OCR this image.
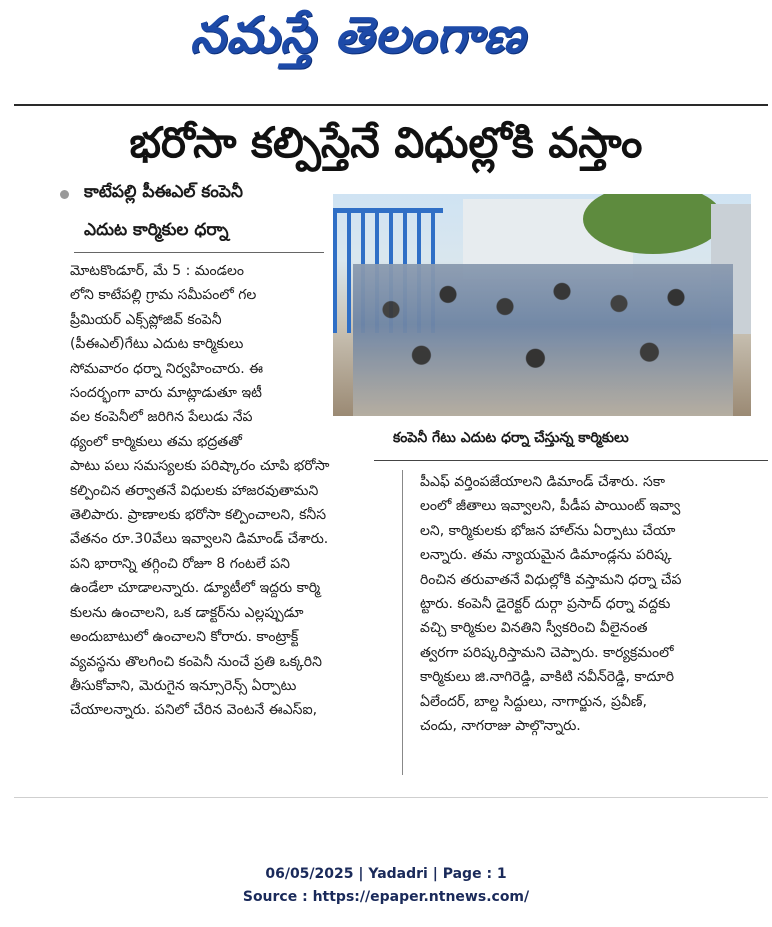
నమస్తే తెలంగాణ
భరోసా కల్పిస్తేనే విధుల్లోకి వస్తాం
కాటేపల్లి పీఈఎల్ కంపెనీ
ఎదుట కార్మికుల ధర్నా
కంపెనీ గేటు ఎదుట ధర్నా చేస్తున్న కార్మికులు
మోటకొండూర్, మే 5 : మండలం
లోని కాటేపల్లి గ్రామ సమీపంలో గల
ప్రీమియర్ ఎక్స్‌ప్లోజివ్ కంపెనీ
(పీఈఎల్)గేటు ఎదుట కార్మికులు
సోమవారం ధర్నా నిర్వహించారు. ఈ
సందర్భంగా వారు మాట్లాడుతూ ఇటీ
వల కంపెనీలో జరిగిన పేలుడు నేప
థ్యంలో కార్మికులు తమ భద్రతతో
పాటు పలు సమస్యలకు పరిష్కారం చూపి భరోసా
కల్పించిన తర్వాతనే విధులకు హాజరవుతామని
తెలిపారు. ప్రాణాలకు భరోసా కల్పించాలని, కనీస
వేతనం రూ.30వేలు ఇవ్వాలని డిమాండ్ చేశారు.
పని భారాన్ని తగ్గించి రోజూ 8 గంటలే పని
ఉండేలా చూడాలన్నారు. డ్యూటీలో ఇద్దరు కార్మి
కులను ఉంచాలని, ఒక డాక్టర్‌ను ఎల్లప్పుడూ
అందుబాటులో ఉంచాలని కోరారు. కాంట్రాక్ట్
వ్యవస్థను తొలగించి కంపెనీ నుంచే ప్రతి ఒక్కరిని
తీసుకోవాని, మెరుగైన ఇన్సూరెన్స్ ఏర్పాటు
చేయాలన్నారు. పనిలో చేరిన వెంటనే ఈఎస్ఐ,
పీఎఫ్ వర్తింపజేయాలని డిమాండ్ చేశారు. సకా
లంలో జీతాలు ఇవ్వాలని, పీడీప పాయింట్ ఇవ్వా
లని, కార్మికులకు భోజన హాల్‌ను ఏర్పాటు చేయా
లన్నారు. తమ న్యాయమైన డిమాండ్లను పరిష్క
రించిన తరువాతనే విధుల్లోకి వస్తామని ధర్నా చేప
ట్టారు. కంపెనీ డైరెక్టర్ దుర్గా ప్రసాద్ ధర్నా వద్దకు
వచ్చి కార్మికుల వినతిని స్వీకరించి వీలైనంత
త్వరగా పరిష్కరిస్తామని చెప్పారు. కార్యక్రమంలో
కార్మికులు జి.నాగిరెడ్డి, వాకిటి నవీన్‌రెడ్డి, కాదూరి
ఏలేందర్, బాల్ద సిద్దులు, నాగార్జున, ప్రవీణ్,
చందు, నాగరాజు పాల్గొన్నారు.
06/05/2025 | Yadadri | Page : 1
Source : https://epaper.ntnews.com/
